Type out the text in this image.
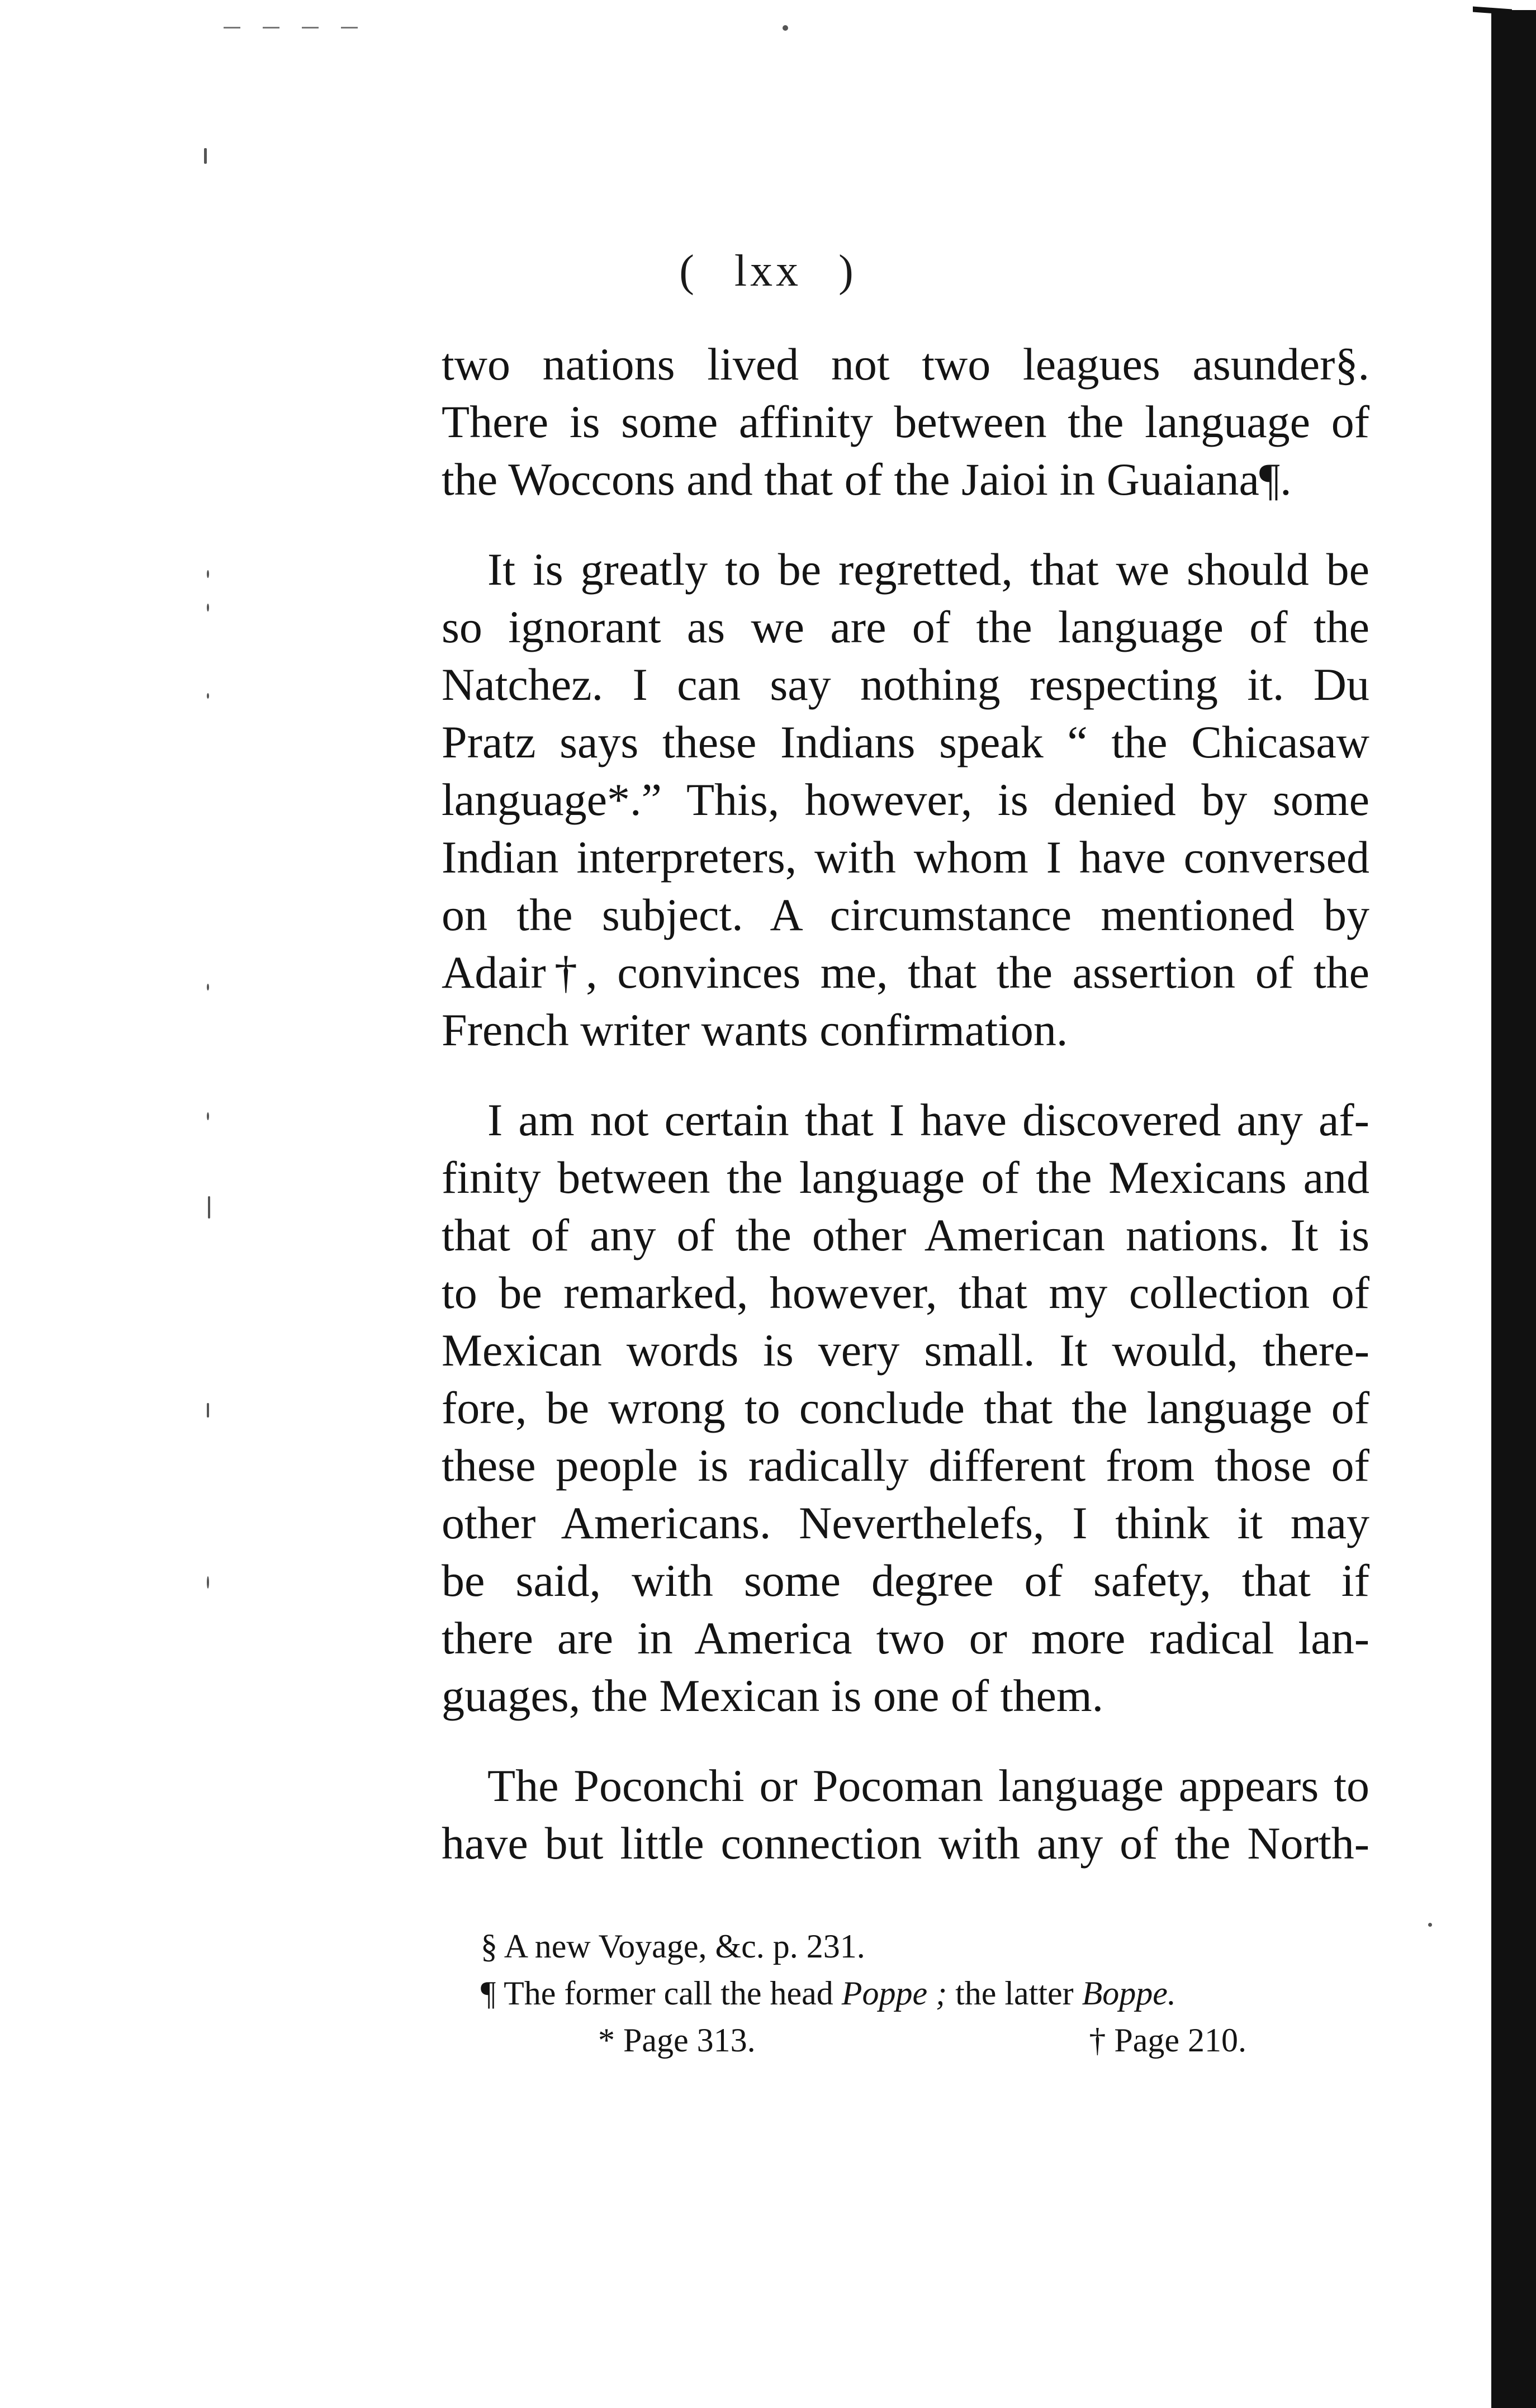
( lxx )

two nations lived not two leagues asunder§.
There is some affinity between the language of
the Woccons and that of the Jaioi in Guaiana¶.

It is greatly to be regretted, that we should be
so ignorant as we are of the language of the
Natchez. I can say nothing respecting it. Du
Pratz says these Indians speak “ the Chicasaw
language*.” This, however, is denied by some
Indian interpreters, with whom I have conversed
on the subject. A circumstance mentioned by
Adair†, convinces me, that the assertion of the
French writer wants confirmation.

I am not certain that I have discovered any af-
finity between the language of the Mexicans and
that of any of the other American nations. It is
to be remarked, however, that my collection of
Mexican words is very small. It would, there-
fore, be wrong to conclude that the language of
these people is radically different from those of
other Americans. Neverthelefs, I think it may
be said, with some degree of safety, that if
there are in America two or more radical lan-
guages, the Mexican is one of them.

The Poconchi or Pocoman language appears to
have but little connection with any of the North-

§ A new Voyage, &c. p. 231.
¶ The former call the head Poppe ; the latter Boppe.
* Page 313.	† Page 210.
